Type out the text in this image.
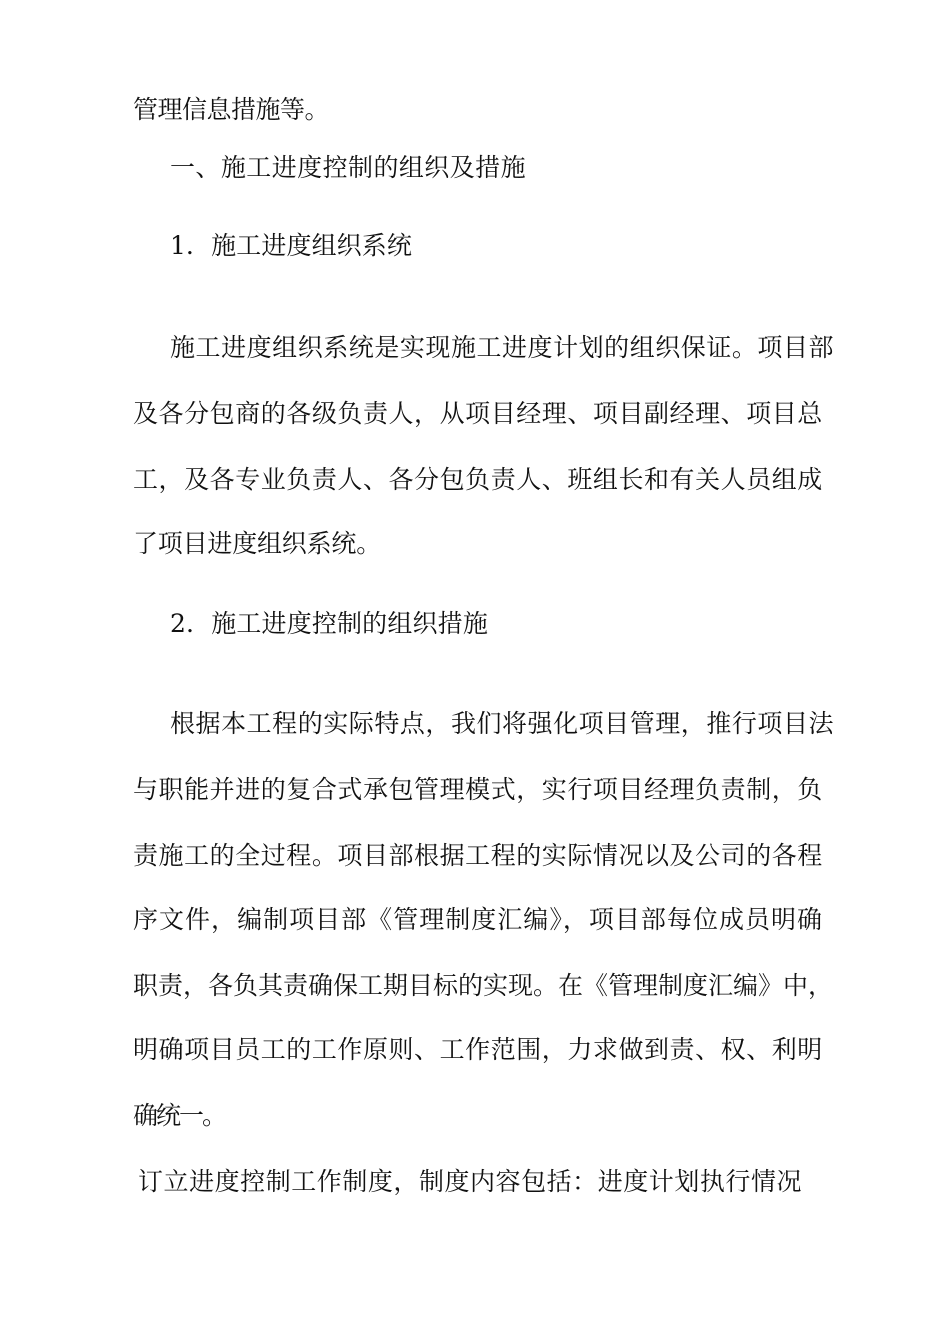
管理信息措施等。
一、施工进度控制的组织及措施
1．施工进度组织系统
施工进度组织系统是实现施工进度计划的组织保证。项目部
及各分包商的各级负责人，从项目经理、项目副经理、项目总
工，及各专业负责人、各分包负责人、班组长和有关人员组成
了项目进度组织系统。
2．施工进度控制的组织措施
根据本工程的实际特点，我们将强化项目管理，推行项目法
与职能并进的复合式承包管理模式，实行项目经理负责制，负
责施工的全过程。项目部根据工程的实际情况以及公司的各程
序文件，编制项目部《管理制度汇编》，项目部每位成员明确
职责，各负其责确保工期目标的实现。在《管理制度汇编》中，
明确项目员工的工作原则、工作范围，力求做到责、权、利明
确统一。
订立进度控制工作制度，制度内容包括：进度计划执行情况
